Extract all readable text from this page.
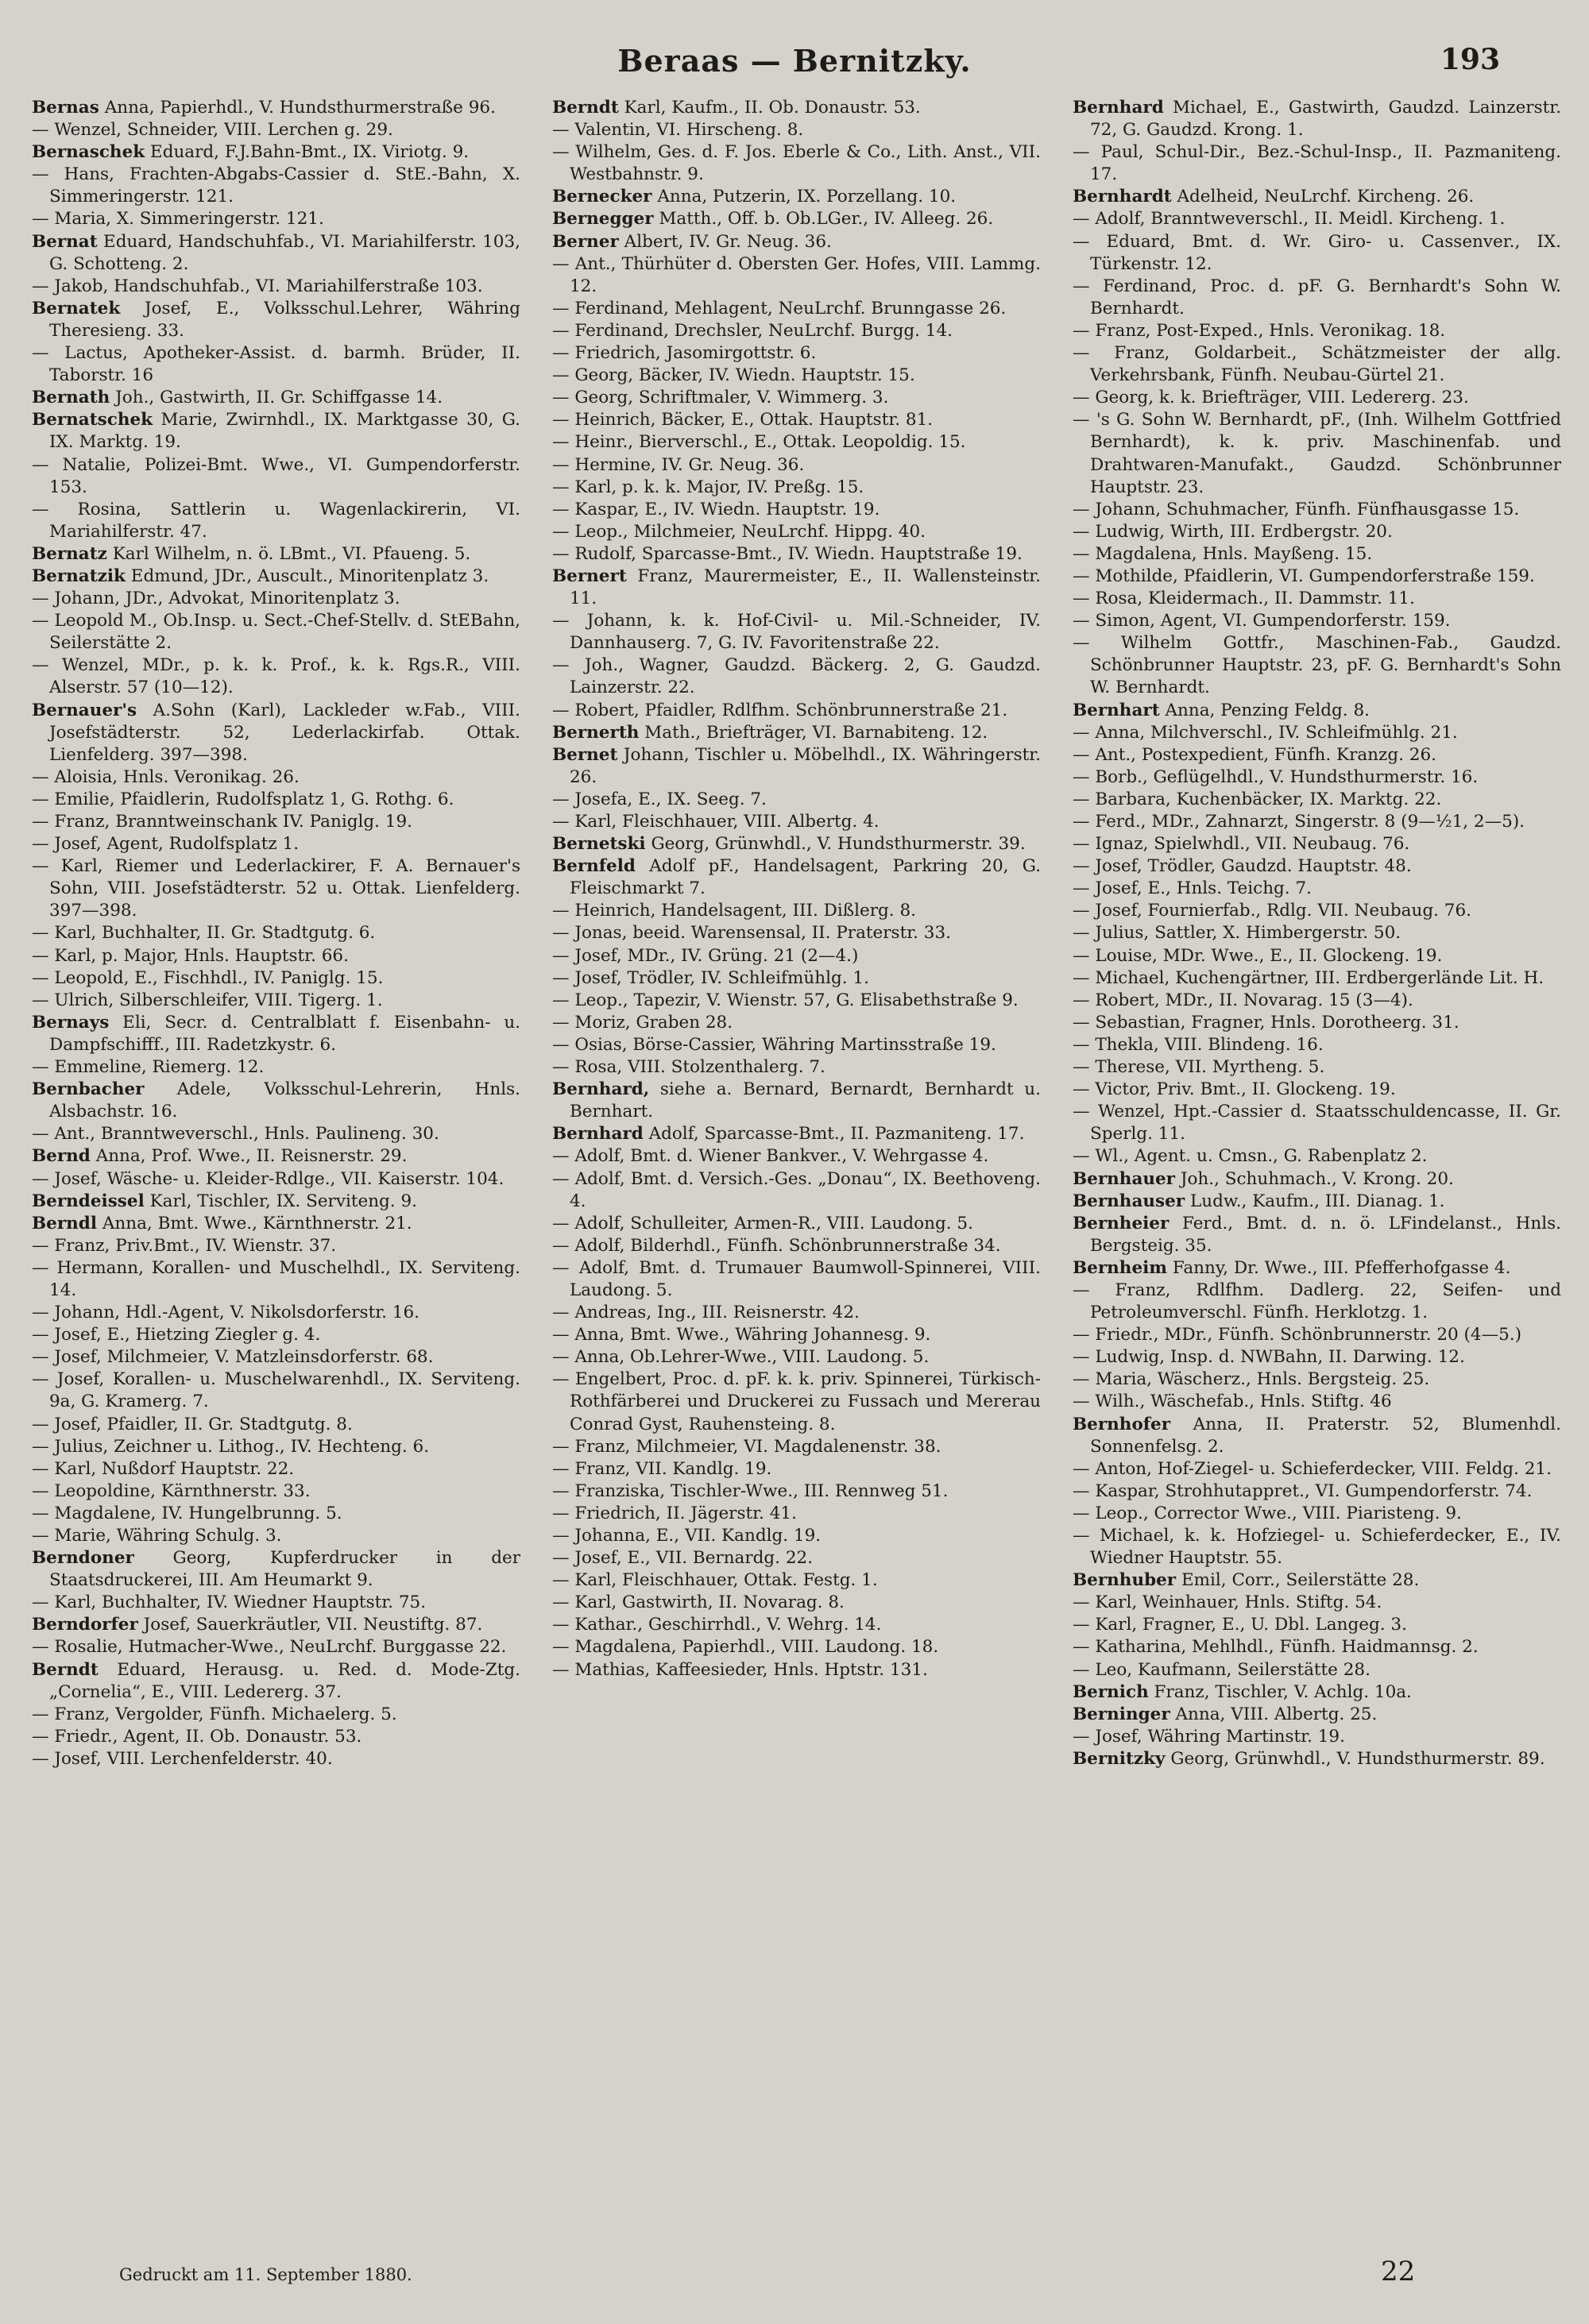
Beraas — Bernitzky.	193
Bernas Anna, Papierhdl., V. Hundsthurmerstraße 96.
— Wenzel, Schneider, VIII. Lerchen g. 29.
Bernaschek Eduard, F.J.Bahn-Bmt., IX. Viriotg. 9.
— Hans, Frachten-Abgabs-Cassier d. StE.-Bahn, X. Simmeringerstr. 121.
— Maria, X. Simmeringerstr. 121.
Bernat Eduard, Handschuhfab., VI. Mariahilferstr. 103, G. Schotteng. 2.
— Jakob, Handschuhfab., VI. Mariahilferstraße 103.
Bernatek Josef, E., Volksschul.Lehrer, Währing Theresieng. 33.
— Lactus, Apotheker-Assist. d. barmh. Brüder, II. Taborstr. 16
Bernath Joh., Gastwirth, II. Gr. Schiffgasse 14.
Bernatschek Marie, Zwirnhdl., IX. Marktgasse 30, G. IX. Marktg. 19.
— Natalie, Polizei-Bmt. Wwe., VI. Gumpendorferstr. 153.
— Rosina, Sattlerin u. Wagenlackirerin, VI. Mariahilferstr. 47.
Bernatz Karl Wilhelm, n. ö. LBmt., VI. Pfaueng. 5.
Bernatzik Edmund, JDr., Auscult., Minoritenplatz 3.
— Johann, JDr., Advokat, Minoritenplatz 3.
— Leopold M., Ob.Insp. u. Sect.-Chef-Stellv. d. StEBahn, Seilerstätte 2.
— Wenzel, MDr., p. k. k. Prof., k. k. Rgs.R., VIII. Alserstr. 57 (10—12).
Bernauer's A.Sohn (Karl), Lackleder w.Fab., VIII. Josefstädterstr. 52, Lederlackirfab. Ottak. Lienfelderg. 397—398.
— Aloisia, Hnls. Veronikag. 26.
— Emilie, Pfaidlerin, Rudolfsplatz 1, G. Rothg. 6.
— Franz, Branntweinschank IV. Paniglg. 19.
— Josef, Agent, Rudolfsplatz 1.
— Karl, Riemer und Lederlackirer, F. A. Bernauer's Sohn, VIII. Josefstädterstr. 52 u. Ottak. Lienfelderg. 397—398.
— Karl, Buchhalter, II. Gr. Stadtgutg. 6.
— Karl, p. Major, Hnls. Hauptstr. 66.
— Leopold, E., Fischhdl., IV. Paniglg. 15.
— Ulrich, Silberschleifer, VIII. Tigerg. 1.
Bernays Eli, Secr. d. Centralblatt f. Eisenbahn- u. Dampfschifff., III. Radetzkystr. 6.
— Emmeline, Riemerg. 12.
Bernbacher Adele, Volksschul-Lehrerin, Hnls. Alsbachstr. 16.
— Ant., Branntweverschl., Hnls. Paulineng. 30.
Bernd Anna, Prof. Wwe., II. Reisnerstr. 29.
— Josef, Wäsche- u. Kleider-Rdlge., VII. Kaiserstr. 104.
Berndeissel Karl, Tischler, IX. Serviteng. 9.
Berndl Anna, Bmt. Wwe., Kärnthnerstr. 21.
— Franz, Priv.Bmt., IV. Wienstr. 37.
— Hermann, Korallen- und Muschelhdl., IX. Serviteng. 14.
— Johann, Hdl.-Agent, V. Nikolsdorferstr. 16.
— Josef, E., Hietzing Ziegler g. 4.
— Josef, Milchmeier, V. Matzleinsdorferstr. 68.
— Josef, Korallen- u. Muschelwarenhdl., IX. Serviteng. 9a, G. Kramerg. 7.
— Josef, Pfaidler, II. Gr. Stadtgutg. 8.
— Julius, Zeichner u. Lithog., IV. Hechteng. 6.
— Karl, Nußdorf Hauptstr. 22.
— Leopoldine, Kärnthnerstr. 33.
— Magdalene, IV. Hungelbrunng. 5.
— Marie, Währing Schulg. 3.
Berndoner Georg, Kupferdrucker in der Staatsdruckerei, III. Am Heumarkt 9.
— Karl, Buchhalter, IV. Wiedner Hauptstr. 75.
Berndorfer Josef, Sauerkräutler, VII. Neustiftg. 87.
— Rosalie, Hutmacher-Wwe., NeuLrchf. Burggasse 22.
Berndt Eduard, Herausg. u. Red. d. Mode-Ztg. „Cornelia“, E., VIII. Ledererg. 37.
— Franz, Vergolder, Fünfh. Michaelerg. 5.
— Friedr., Agent, II. Ob. Donaustr. 53.
— Josef, VIII. Lerchenfelderstr. 40.
Berndt Karl, Kaufm., II. Ob. Donaustr. 53.
— Valentin, VI. Hirscheng. 8.
— Wilhelm, Ges. d. F. Jos. Eberle & Co., Lith. Anst., VII. Westbahnstr. 9.
Bernecker Anna, Putzerin, IX. Porzellang. 10.
Bernegger Matth., Off. b. Ob.LGer., IV. Alleeg. 26.
Berner Albert, IV. Gr. Neug. 36.
— Ant., Thürhüter d. Obersten Ger. Hofes, VIII. Lammg. 12.
— Ferdinand, Mehlagent, NeuLrchf. Brunngasse 26.
— Ferdinand, Drechsler, NeuLrchf. Burgg. 14.
— Friedrich, Jasomirgottstr. 6.
— Georg, Bäcker, IV. Wiedn. Hauptstr. 15.
— Georg, Schriftmaler, V. Wimmerg. 3.
— Heinrich, Bäcker, E., Ottak. Hauptstr. 81.
— Heinr., Bierverschl., E., Ottak. Leopoldig. 15.
— Hermine, IV. Gr. Neug. 36.
— Karl, p. k. k. Major, IV. Preßg. 15.
— Kaspar, E., IV. Wiedn. Hauptstr. 19.
— Leop., Milchmeier, NeuLrchf. Hippg. 40.
— Rudolf, Sparcasse-Bmt., IV. Wiedn. Hauptstraße 19.
Bernert Franz, Maurermeister, E., II. Wallensteinstr. 11.
— Johann, k. k. Hof-Civil- u. Mil.-Schneider, IV. Dannhauserg. 7, G. IV. Favoritenstraße 22.
— Joh., Wagner, Gaudzd. Bäckerg. 2, G. Gaudzd. Lainzerstr. 22.
— Robert, Pfaidler, Rdlfhm. Schönbrunnerstraße 21.
Bernerth Math., Briefträger, VI. Barnabiteng. 12.
Bernet Johann, Tischler u. Möbelhdl., IX. Währingerstr. 26.
— Josefa, E., IX. Seeg. 7.
— Karl, Fleischhauer, VIII. Albertg. 4.
Bernetski Georg, Grünwhdl., V. Hundsthurmerstr. 39.
Bernfeld Adolf pF., Handelsagent, Parkring 20, G. Fleischmarkt 7.
— Heinrich, Handelsagent, III. Dißlerg. 8.
— Jonas, beeid. Warensensal, II. Praterstr. 33.
— Josef, MDr., IV. Grüng. 21 (2—4.)
— Josef, Trödler, IV. Schleifmühlg. 1.
— Leop., Tapezir, V. Wienstr. 57, G. Elisabethstraße 9.
— Moriz, Graben 28.
— Osias, Börse-Cassier, Währing Martinsstraße 19.
— Rosa, VIII. Stolzenthalerg. 7.
Bernhard, siehe a. Bernard, Bernardt, Bernhardt u. Bernhart.
Bernhard Adolf, Sparcasse-Bmt., II. Pazmaniteng. 17.
— Adolf, Bmt. d. Wiener Bankver., V. Wehrgasse 4.
— Adolf, Bmt. d. Versich.-Ges. „Donau“, IX. Beethoveng. 4.
— Adolf, Schulleiter, Armen-R., VIII. Laudong. 5.
— Adolf, Bilderhdl., Fünfh. Schönbrunnerstraße 34.
— Adolf, Bmt. d. Trumauer Baumwoll-Spinnerei, VIII. Laudong. 5.
— Andreas, Ing., III. Reisnerstr. 42.
— Anna, Bmt. Wwe., Währing Johannesg. 9.
— Anna, Ob.Lehrer-Wwe., VIII. Laudong. 5.
— Engelbert, Proc. d. pF. k. k. priv. Spinnerei, Türkisch-Rothfärberei und Druckerei zu Fussach und Mererau Conrad Gyst, Rauhensteing. 8.
— Franz, Milchmeier, VI. Magdalenenstr. 38.
— Franz, VII. Kandlg. 19.
— Franziska, Tischler-Wwe., III. Rennweg 51.
— Friedrich, II. Jägerstr. 41.
— Johanna, E., VII. Kandlg. 19.
— Josef, E., VII. Bernardg. 22.
— Karl, Fleischhauer, Ottak. Festg. 1.
— Karl, Gastwirth, II. Novarag. 8.
— Kathar., Geschirrhdl., V. Wehrg. 14.
— Magdalena, Papierhdl., VIII. Laudong. 18.
— Mathias, Kaffeesieder, Hnls. Hptstr. 131.
Bernhard Michael, E., Gastwirth, Gaudzd. Lainzerstr. 72, G. Gaudzd. Krong. 1.
— Paul, Schul-Dir., Bez.-Schul-Insp., II. Pazmaniteng. 17.
Bernhardt Adelheid, NeuLrchf. Kircheng. 26.
— Adolf, Branntweverschl., II. Meidl. Kircheng. 1.
— Eduard, Bmt. d. Wr. Giro- u. Cassenver., IX. Türkenstr. 12.
— Ferdinand, Proc. d. pF. G. Bernhardt's Sohn W. Bernhardt.
— Franz, Post-Exped., Hnls. Veronikag. 18.
— Franz, Goldarbeit., Schätzmeister der allg. Verkehrsbank, Fünfh. Neubau-Gürtel 21.
— Georg, k. k. Briefträger, VIII. Ledererg. 23.
— 's G. Sohn W. Bernhardt, pF., (Inh. Wilhelm Gottfried Bernhardt), k. k. priv. Maschinenfab. und Drahtwaren-Manufakt., Gaudzd. Schönbrunner Hauptstr. 23.
— Johann, Schuhmacher, Fünfh. Fünfhausgasse 15.
— Ludwig, Wirth, III. Erdbergstr. 20.
— Magdalena, Hnls. Mayßeng. 15.
— Mothilde, Pfaidlerin, VI. Gumpendorferstraße 159.
— Rosa, Kleidermach., II. Dammstr. 11.
— Simon, Agent, VI. Gumpendorferstr. 159.
— Wilhelm Gottfr., Maschinen-Fab., Gaudzd. Schönbrunner Hauptstr. 23, pF. G. Bernhardt's Sohn W. Bernhardt.
Bernhart Anna, Penzing Feldg. 8.
— Anna, Milchverschl., IV. Schleifmühlg. 21.
— Ant., Postexpedient, Fünfh. Kranzg. 26.
— Borb., Geflügelhdl., V. Hundsthurmerstr. 16.
— Barbara, Kuchenbäcker, IX. Marktg. 22.
— Ferd., MDr., Zahnarzt, Singerstr. 8 (9—½1, 2—5).
— Ignaz, Spielwhdl., VII. Neubaug. 76.
— Josef, Trödler, Gaudzd. Hauptstr. 48.
— Josef, E., Hnls. Teichg. 7.
— Josef, Fournierfab., Rdlg. VII. Neubaug. 76.
— Julius, Sattler, X. Himbergerstr. 50.
— Louise, MDr. Wwe., E., II. Glockeng. 19.
— Michael, Kuchengärtner, III. Erdbergerlände Lit. H.
— Robert, MDr., II. Novarag. 15 (3—4).
— Sebastian, Fragner, Hnls. Dorotheerg. 31.
— Thekla, VIII. Blindeng. 16.
— Therese, VII. Myrtheng. 5.
— Victor, Priv. Bmt., II. Glockeng. 19.
— Wenzel, Hpt.-Cassier d. Staatsschuldencasse, II. Gr. Sperlg. 11.
— Wl., Agent. u. Cmsn., G. Rabenplatz 2.
Bernhauer Joh., Schuhmach., V. Krong. 20.
Bernhauser Ludw., Kaufm., III. Dianag. 1.
Bernheier Ferd., Bmt. d. n. ö. LFindelanst., Hnls. Bergsteig. 35.
Bernheim Fanny, Dr. Wwe., III. Pfefferhofgasse 4.
— Franz, Rdlfhm. Dadlerg. 22, Seifen- und Petroleumverschl. Fünfh. Herklotzg. 1.
— Friedr., MDr., Fünfh. Schönbrunnerstr. 20 (4—5.)
— Ludwig, Insp. d. NWBahn, II. Darwing. 12.
— Maria, Wäscherz., Hnls. Bergsteig. 25.
— Wilh., Wäschefab., Hnls. Stiftg. 46
Bernhofer Anna, II. Praterstr. 52, Blumenhdl. Sonnenfelsg. 2.
— Anton, Hof-Ziegel- u. Schieferdecker, VIII. Feldg. 21.
— Kaspar, Strohhutappret., VI. Gumpendorferstr. 74.
— Leop., Corrector Wwe., VIII. Piaristeng. 9.
— Michael, k. k. Hofziegel- u. Schieferdecker, E., IV. Wiedner Hauptstr. 55.
Bernhuber Emil, Corr., Seilerstätte 28.
— Karl, Weinhauer, Hnls. Stiftg. 54.
— Karl, Fragner, E., U. Dbl. Langeg. 3.
— Katharina, Mehlhdl., Fünfh. Haidmannsg. 2.
— Leo, Kaufmann, Seilerstätte 28.
Bernich Franz, Tischler, V. Achlg. 10a.
Berninger Anna, VIII. Albertg. 25.
— Josef, Währing Martinstr. 19.
Bernitzky Georg, Grünwhdl., V. Hundsthurmerstr. 89.
Gedruckt am 11. September 1880.	22
